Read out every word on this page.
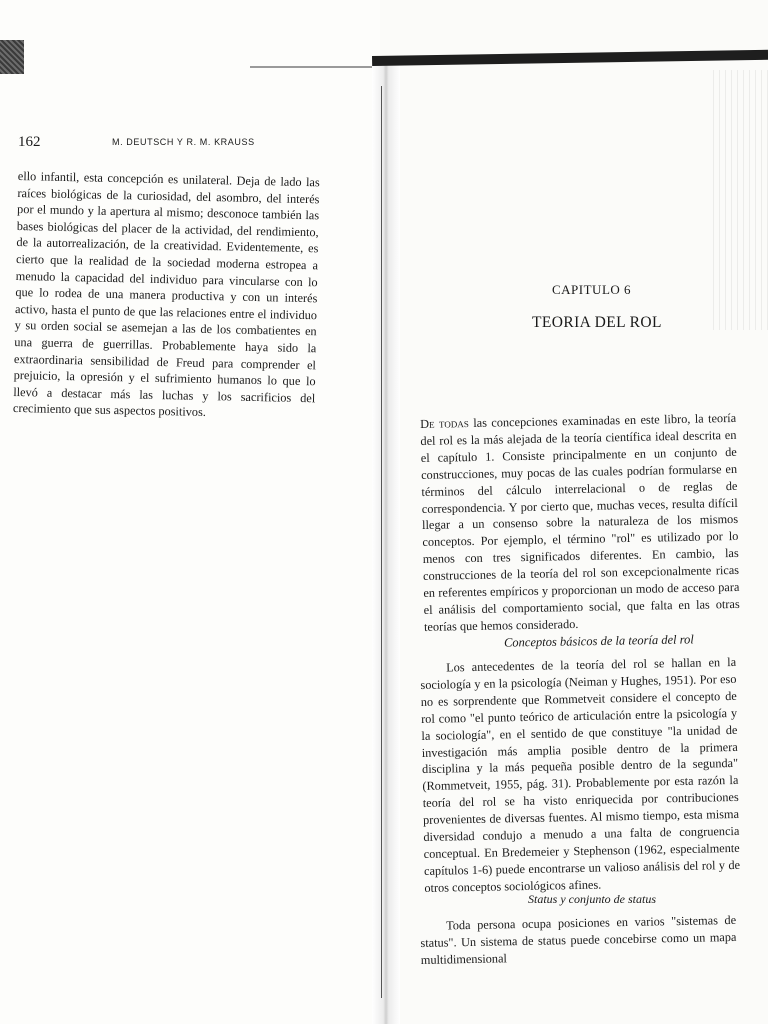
162	M. DEUTSCH Y R. M. KRAUSS

ello infantil, esta concepción es unilateral. Deja de lado las raíces biológicas de la curiosidad, del asombro, del interés por el mundo y la apertura al mismo; desconoce también las bases biológicas del placer de la actividad, del rendimiento, de la autorrealización, de la creatividad. Evidentemente, es cierto que la realidad de la sociedad moderna estropea a menudo la capacidad del individuo para vincularse con lo que lo rodea de una manera productiva y con un interés activo, hasta el punto de que las relaciones entre el individuo y su orden social se asemejan a las de los combatientes en una guerra de guerrillas. Probablemente haya sido la extraordinaria sensibilidad de Freud para comprender el prejuicio, la opresión y el sufrimiento humanos lo que lo llevó a destacar más las luchas y los sacrificios del crecimiento que sus aspectos positivos.

CAPITULO 6
TEORIA DEL ROL

De todas las concepciones examinadas en este libro, la teoría del rol es la más alejada de la teoría científica ideal descrita en el capítulo 1. Consiste principalmente en un conjunto de construcciones, muy pocas de las cuales podrían formularse en términos del cálculo interrelacional o de reglas de correspondencia. Y por cierto que, muchas veces, resulta difícil llegar a un consenso sobre la naturaleza de los mismos conceptos. Por ejemplo, el término "rol" es utilizado por lo menos con tres significados diferentes. En cambio, las construcciones de la teoría del rol son excepcionalmente ricas en referentes empíricos y proporcionan un modo de acceso para el análisis del comportamiento social, que falta en las otras teorías que hemos considerado.

Conceptos básicos de la teoría del rol

Los antecedentes de la teoría del rol se hallan en la sociología y en la psicología (Neiman y Hughes, 1951). Por eso no es sorprendente que Rommetveit considere el concepto de rol como "el punto teórico de articulación entre la psicología y la sociología", en el sentido de que constituye "la unidad de investigación más amplia posible dentro de la primera disciplina y la más pequeña posible dentro de la segunda" (Rommetveit, 1955, pág. 31). Probablemente por esta razón la teoría del rol se ha visto enriquecida por contribuciones provenientes de diversas fuentes. Al mismo tiempo, esta misma diversidad condujo a menudo a una falta de congruencia conceptual. En Bredemeier y Stephenson (1962, especialmente capítulos 1-6) puede encontrarse un valioso análisis del rol y de otros conceptos sociológicos afines.

Status y conjunto de status

Toda persona ocupa posiciones en varios "sistemas de status". Un sistema de status puede concebirse como un mapa multidimensional
